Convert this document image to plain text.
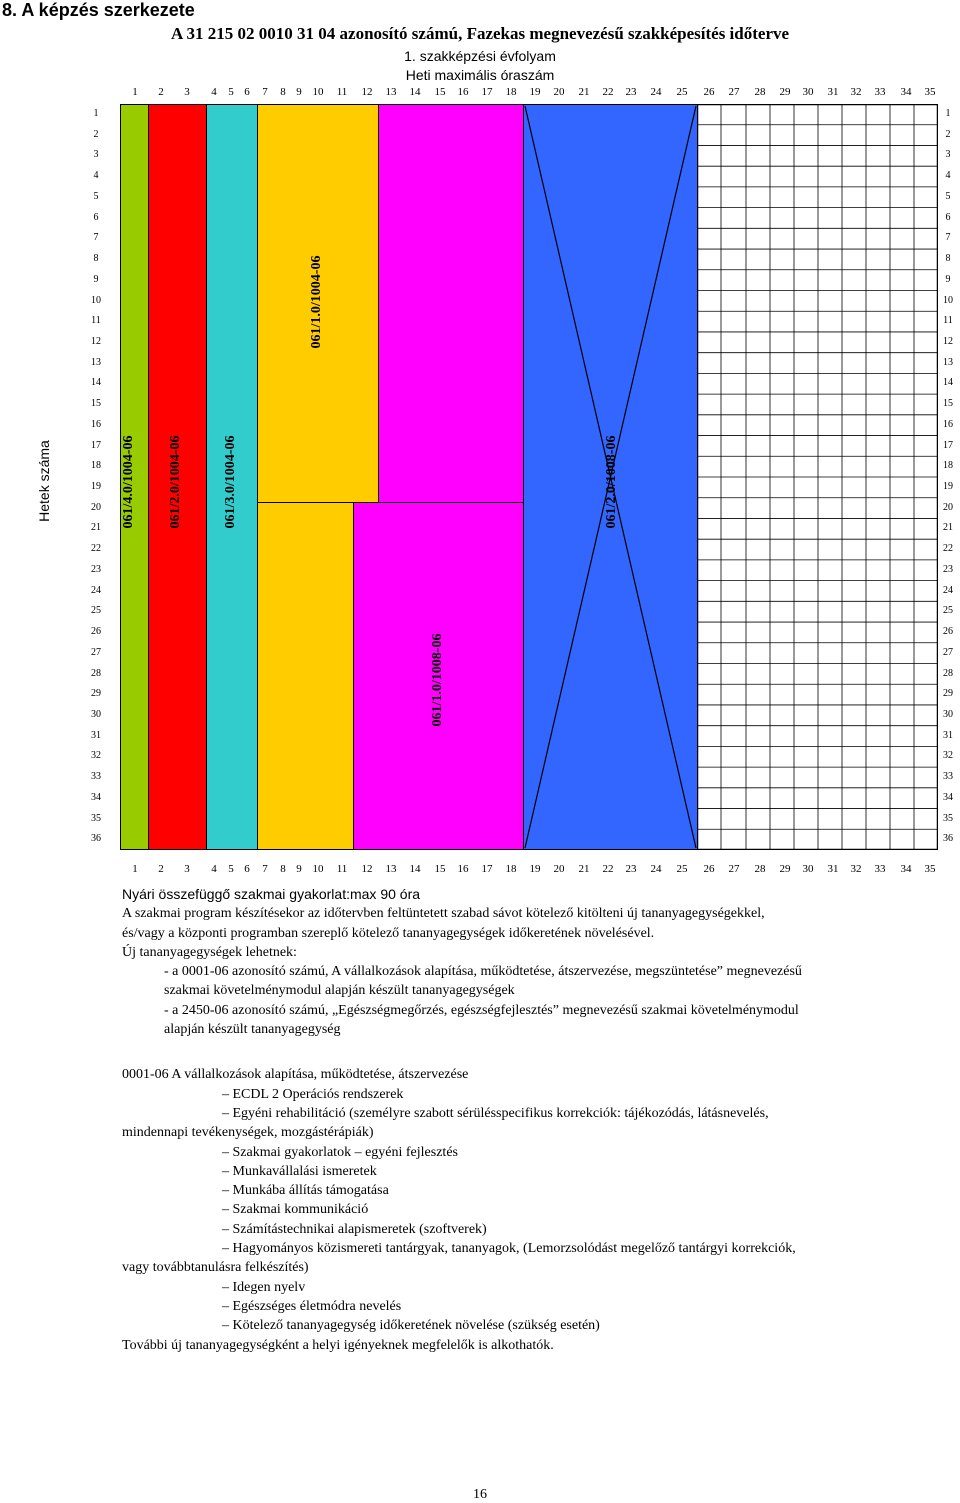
8. A képzés szerkezete
A 31 215 02 0010 31 04 azonosító számú, Fazekas megnevezésű szakképesítés időterve
1. szakképzési évfolyam
Heti maximális óraszám
1	2	3	4	5 6	7	8 9 10	11	12	13	14	15	16	17	18	19	20	21	22	23	24	25	26	27	28	29	30	31	32	33	34	35
1	2	3	4	5 6	7	8 9 10	11	12	13	14	15	16	17	18	19	20	21	22	23	24	25	26	27	28	29	30	31	32	33	34	35
1
2
3
4
5
6
7
8
9
10
11
12
13
14
15
16
17
18
19
20
21
22
23
24
25
26
27
28
29
30
31
32
33
34
35
36
1
2
3
4
5
6
7
8
9
10
11
12
13
14
15
16
17
18
19
20
21
22
23
24
25
26
27
28
29
30
31
32
33
34
35
36
Hetek száma	061/4.0/1004-06 061/2.0/1004-06	061/3.0/1004-06
061/1.0/1004-06
061/1.0/1008-06
061/2.0/1008-06
Nyári összefüggő szakmai gyakorlat:max 90 óra
A szakmai program készítésekor az időtervben feltüntetett szabad sávot kötelező kitölteni új tananyagegységekkel,
és/vagy a központi programban szereplő kötelező tananyagegységek időkeretének növelésével.
Új tananyagegységek lehetnek:
- a 0001-06 azonosító számú, A vállalkozások alapítása, működtetése, átszervezése, megszüntetése” megnevezésű
szakmai követelménymodul alapján készült tananyagegységek
- a 2450-06 azonosító számú, „Egészségmegőrzés, egészségfejlesztés” megnevezésű szakmai követelménymodul
alapján készült tananyagegység
0001-06 A vállalkozások alapítása, működtetése, átszervezése
– ECDL 2 Operációs rendszerek
– Egyéni rehabilitáció (személyre szabott sérülésspecifikus korrekciók: tájékozódás, látásnevelés,
mindennapi tevékenységek, mozgástérápiák)
– Szakmai gyakorlatok – egyéni fejlesztés
– Munkavállalási ismeretek
– Munkába állítás támogatása
– Szakmai kommunikáció
– Számítástechnikai alapismeretek (szoftverek)
– Hagyományos közismereti tantárgyak, tananyagok, (Lemorzsolódást megelőző tantárgyi korrekciók,
vagy továbbtanulásra felkészítés)
– Idegen nyelv
– Egészséges életmódra nevelés
– Kötelező tananyagegység időkeretének növelése (szükség esetén)
További új tananyagegységként a helyi igényeknek megfelelők is alkothatók.
16
